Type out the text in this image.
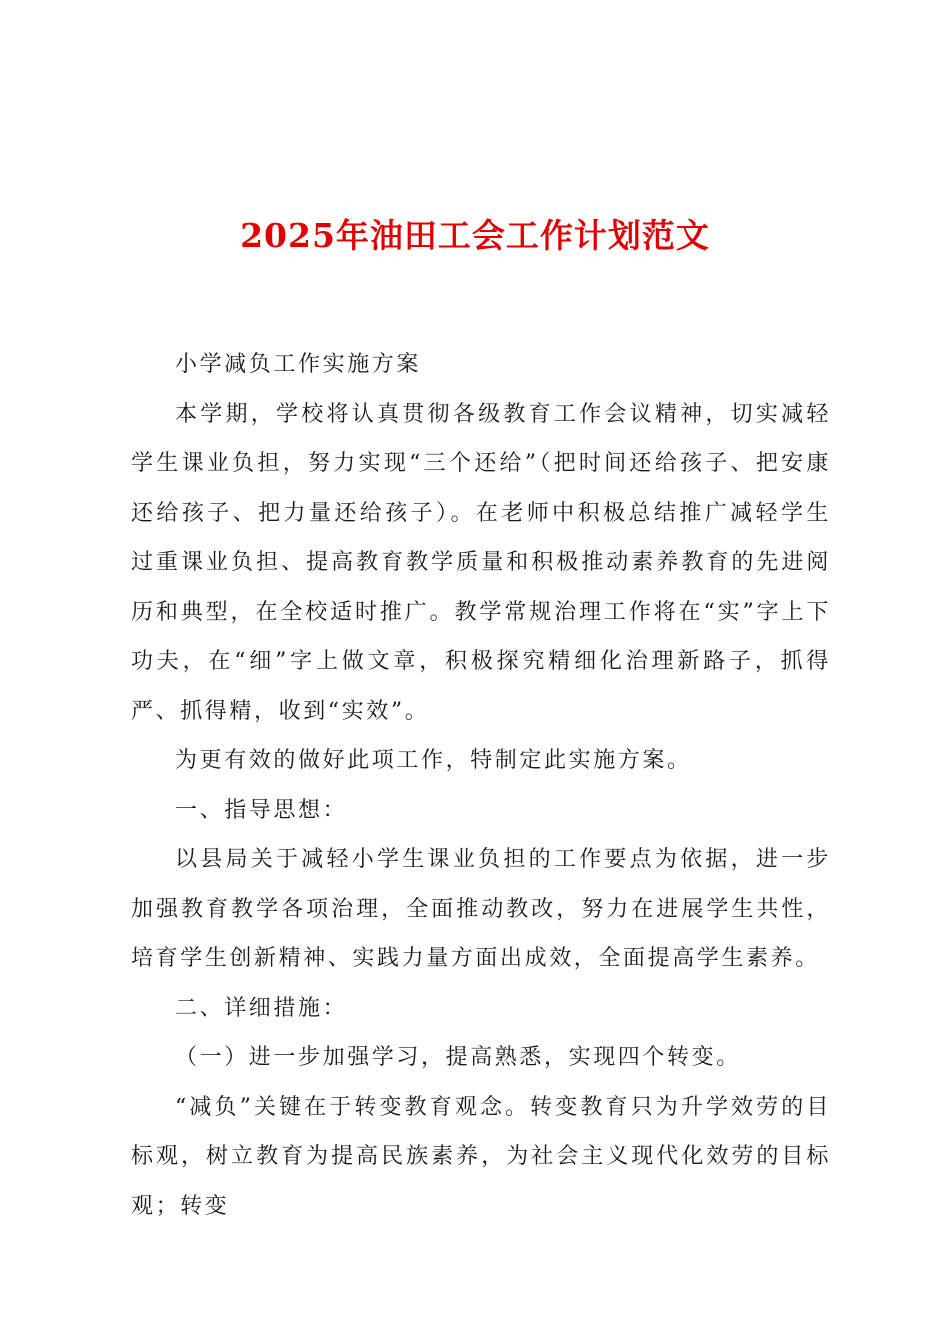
2025年油田工会工作计划范文

小学减负工作实施方案

本学期，学校将认真贯彻各级教育工作会议精神，切实减轻学生课业负担，努力实现“三个还给”（把时间还给孩子、把安康还给孩子、把力量还给孩子）。在老师中积极总结推广减轻学生过重课业负担、提高教育教学质量和积极推动素养教育的先进阅历和典型，在全校适时推广。教学常规治理工作将在“实”字上下功夫，在“细”字上做文章，积极探究精细化治理新路子，抓得严、抓得精，收到“实效”。

为更有效的做好此项工作，特制定此实施方案。

一、指导思想：

以县局关于减轻小学生课业负担的工作要点为依据，进一步加强教育教学各项治理，全面推动教改，努力在进展学生共性，培育学生创新精神、实践力量方面出成效，全面提高学生素养。

二、详细措施：

（一）进一步加强学习，提高熟悉，实现四个转变。

“减负”关键在于转变教育观念。转变教育只为升学效劳的目标观，树立教育为提高民族素养，为社会主义现代化效劳的目标观；转变
